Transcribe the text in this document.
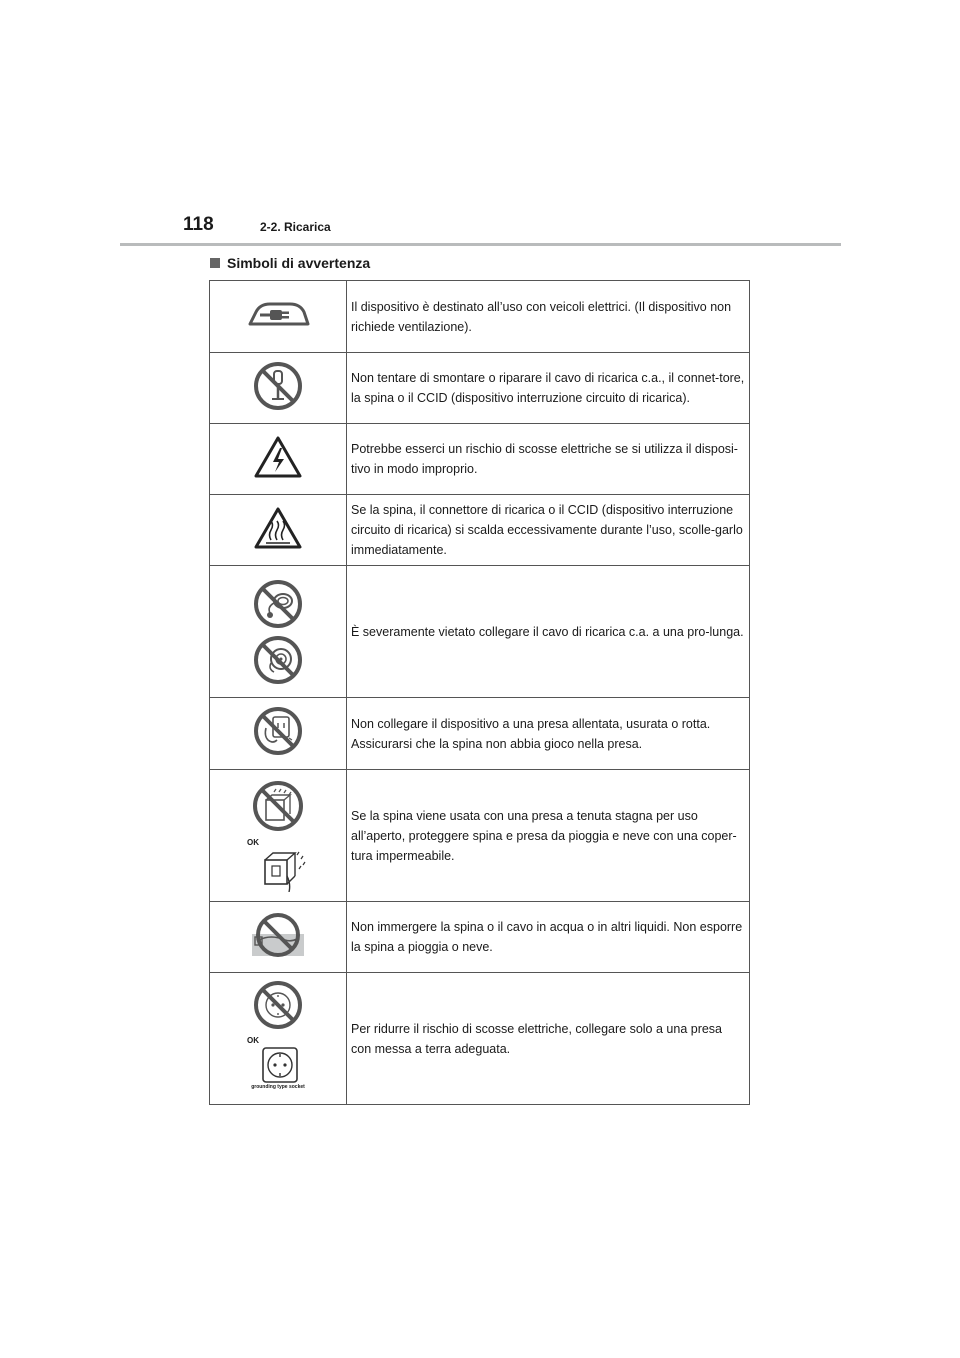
118	2-2. Ricarica
Simboli di avvertenza
	Il dispositivo è destinato all’uso con veicoli elettrici. (Il dispositivo non richiede ventilazione).
	Non tentare di smontare o riparare il cavo di ricarica c.a., il connet-tore, la spina o il CCID (dispositivo interruzione circuito di ricarica).
	Potrebbe esserci un rischio di scosse elettriche se si utilizza il disposi-tivo in modo improprio.
	Se la spina, il connettore di ricarica o il CCID (dispositivo interruzione circuito di ricarica) si scalda eccessivamente durante l’uso, scolle-garlo immediatamente.

	È severamente vietato collegare il cavo di ricarica c.a. a una pro-lunga.
	Non collegare il dispositivo a una presa allentata, usurata o rotta. Assicurarsi che la spina non abbia gioco nella presa.

OK	Se la spina viene usata con una presa a tenuta stagna per uso all’aperto, proteggere spina e presa da pioggia e neve con una coper-tura impermeabile.
	Non immergere la spina o il cavo in acqua o in altri liquidi. Non esporre la spina a pioggia o neve.

OK
grounding type socket	Per ridurre il rischio di scosse elettriche, collegare solo a una presa con messa a terra adeguata.
